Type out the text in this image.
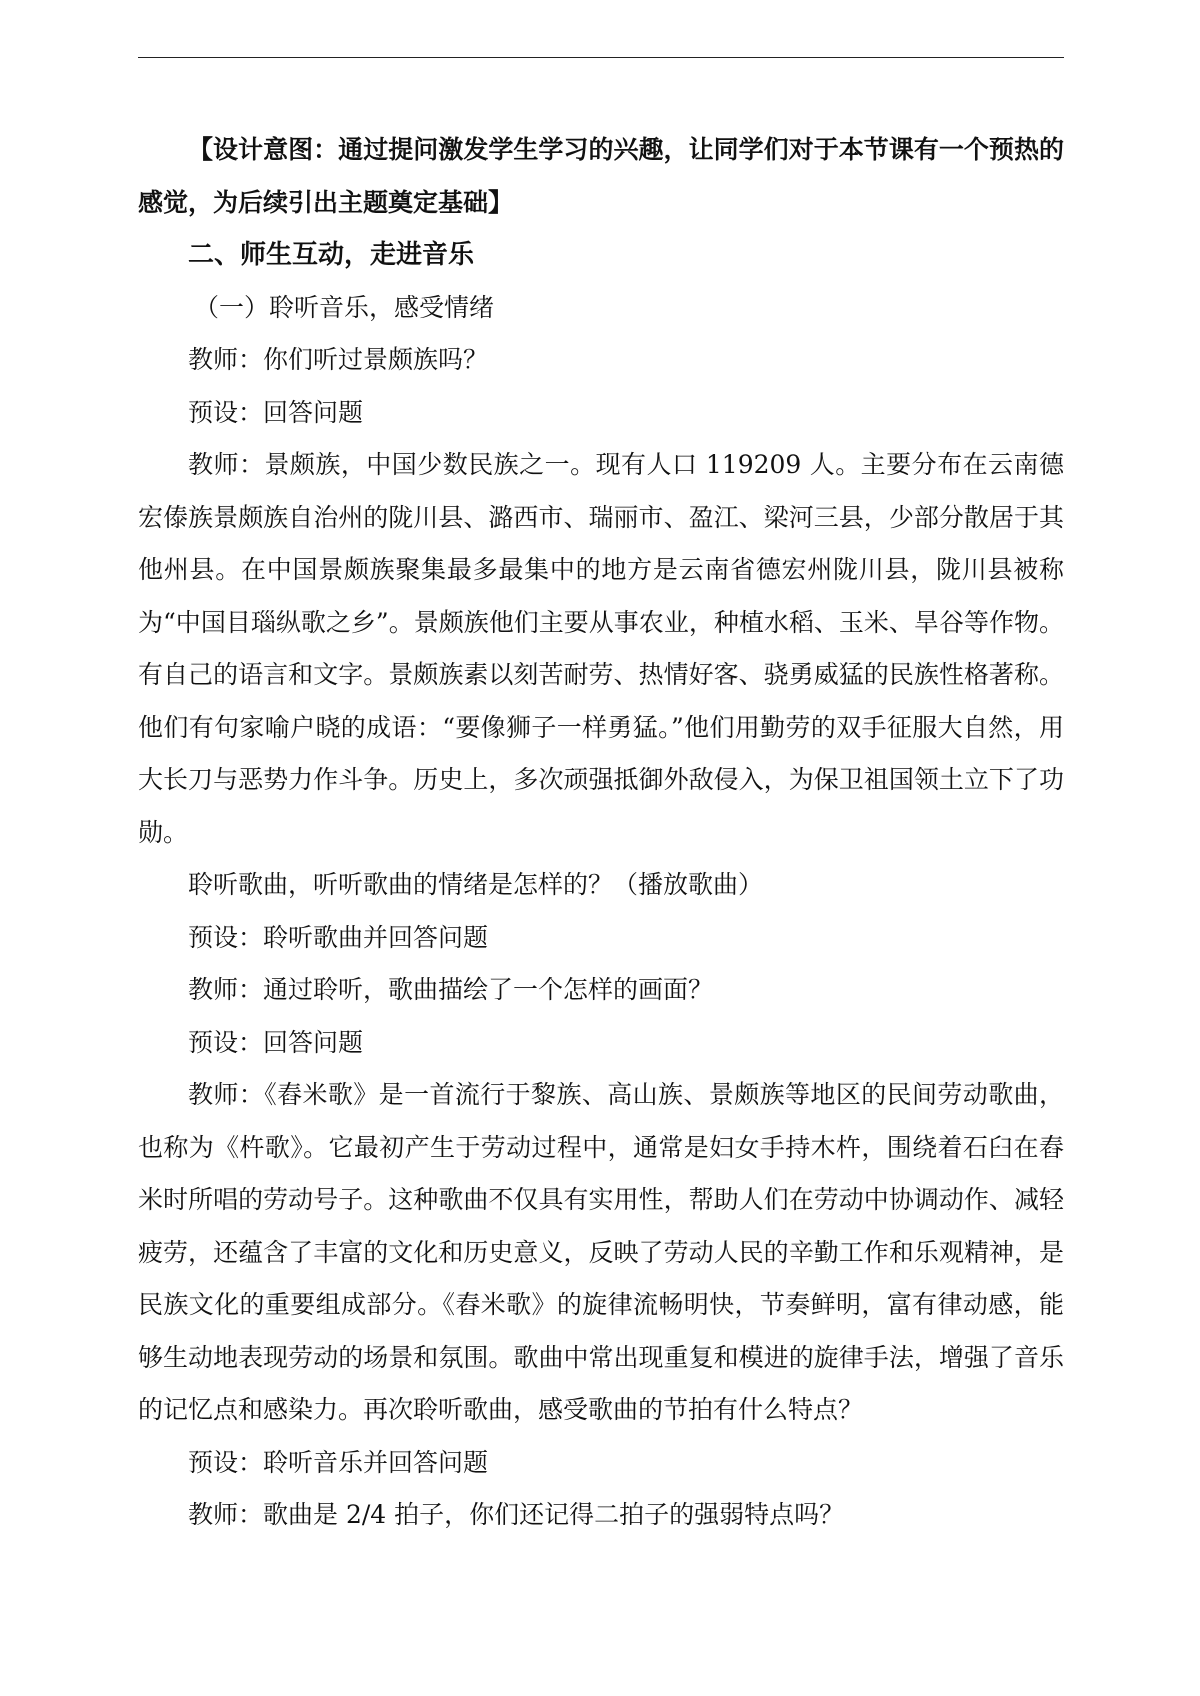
【设计意图：通过提问激发学生学习的兴趣，让同学们对于本节课有一个预热的感觉，为后续引出主题奠定基础】

二、师生互动，走进音乐

（一）聆听音乐，感受情绪

教师：你们听过景颇族吗？

预设：回答问题

教师：景颇族，中国少数民族之一。现有人口 119209 人。主要分布在云南德宏傣族景颇族自治州的陇川县、潞西市、瑞丽市、盈江、梁河三县，少部分散居于其他州县。在中国景颇族聚集最多最集中的地方是云南省德宏州陇川县，陇川县被称为“中国目瑙纵歌之乡”。景颇族他们主要从事农业，种植水稻、玉米、旱谷等作物。有自己的语言和文字。景颇族素以刻苦耐劳、热情好客、骁勇威猛的民族性格著称。他们有句家喻户晓的成语：“要像狮子一样勇猛。”他们用勤劳的双手征服大自然，用大长刀与恶势力作斗争。历史上，多次顽强抵御外敌侵入，为保卫祖国领土立下了功勋。

聆听歌曲，听听歌曲的情绪是怎样的？（播放歌曲）

预设：聆听歌曲并回答问题

教师：通过聆听，歌曲描绘了一个怎样的画面？

预设：回答问题

教师：《舂米歌》是一首流行于黎族、高山族、景颇族等地区的民间劳动歌曲，也称为《杵歌》。它最初产生于劳动过程中，通常是妇女手持木杵，围绕着石臼在舂米时所唱的劳动号子。这种歌曲不仅具有实用性，帮助人们在劳动中协调动作、减轻疲劳，还蕴含了丰富的文化和历史意义，反映了劳动人民的辛勤工作和乐观精神，是民族文化的重要组成部分。《舂米歌》的旋律流畅明快，节奏鲜明，富有律动感，能够生动地表现劳动的场景和氛围。歌曲中常出现重复和模进的旋律手法，增强了音乐的记忆点和感染力。再次聆听歌曲，感受歌曲的节拍有什么特点？

预设：聆听音乐并回答问题

教师：歌曲是 2/4 拍子，你们还记得二拍子的强弱特点吗？
